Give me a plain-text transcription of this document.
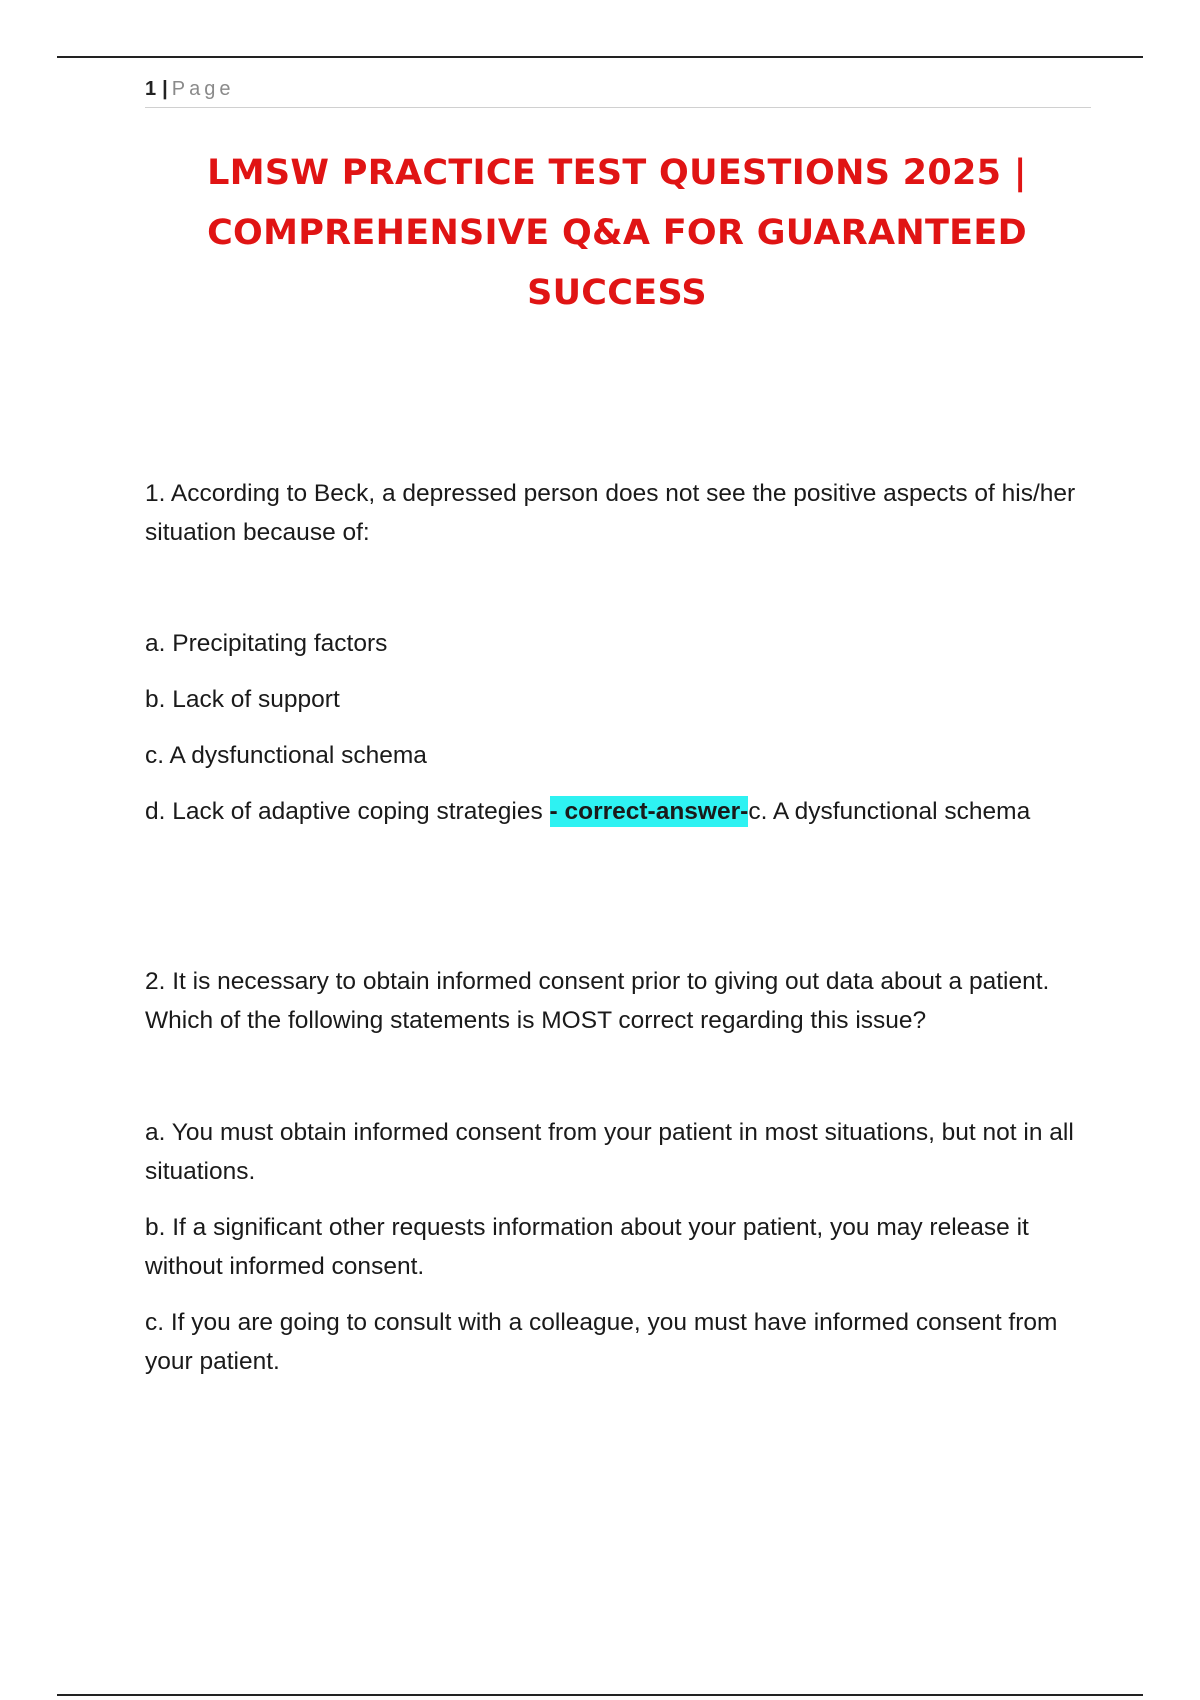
1 | Page
LMSW PRACTICE TEST QUESTIONS 2025 | COMPREHENSIVE Q&A FOR GUARANTEED SUCCESS

1. According to Beck, a depressed person does not see the positive aspects of his/her situation because of:

a. Precipitating factors

b. Lack of support

c. A dysfunctional schema

d. Lack of adaptive coping strategies - correct-answer-c. A dysfunctional schema

2. It is necessary to obtain informed consent prior to giving out data about a patient. Which of the following statements is MOST correct regarding this issue?

a. You must obtain informed consent from your patient in most situations, but not in all situations.

b. If a significant other requests information about your patient, you may release it without informed consent.

c. If you are going to consult with a colleague, you must have informed consent from your patient.
